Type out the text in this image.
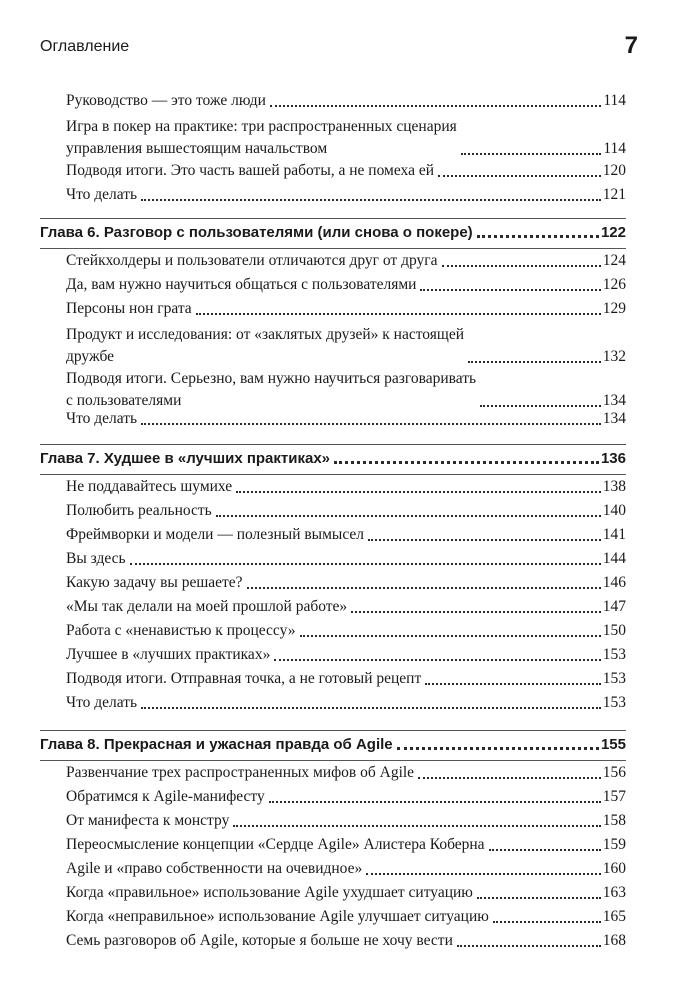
Оглавление	7
Руководство — это тоже люди	114
Игра в покер на практике: три распространенных сценария
управления вышестоящим начальством	114
Подводя итоги. Это часть вашей работы, а не помеха ей	120
Что делать	121
Глава 6. Разговор с пользователями (или снова о покере)	122
Стейкхолдеры и пользователи отличаются друг от друга	124
Да, вам нужно научиться общаться с пользователями	126
Персоны нон грата	129
Продукт и исследования: от «заклятых друзей» к настоящей
дружбе	132
Подводя итоги. Серьезно, вам нужно научиться разговаривать
с пользователями	134
Что делать	134
Глава 7. Худшее в «лучших практиках»	136
Не поддавайтесь шумихе	138
Полюбить реальность	140
Фреймворки и модели — полезный вымысел	141
Вы здесь	144
Какую задачу вы решаете?	146
«Мы так делали на моей прошлой работе»	147
Работа с «ненавистью к процессу»	150
Лучшее в «лучших практиках»	153
Подводя итоги. Отправная точка, а не готовый рецепт	153
Что делать	153
Глава 8. Прекрасная и ужасная правда об Agile	155
Развенчание трех распространенных мифов об Agile	156
Обратимся к Agile-манифесту	157
От манифеста к монстру	158
Переосмысление концепции «Сердце Agile» Алистера Коберна	159
Agile и «право собственности на очевидное»	160
Когда «правильное» использование Agile ухудшает ситуацию	163
Когда «неправильное» использование Agile улучшает ситуацию	165
Семь разговоров об Agile, которые я больше не хочу вести	168
